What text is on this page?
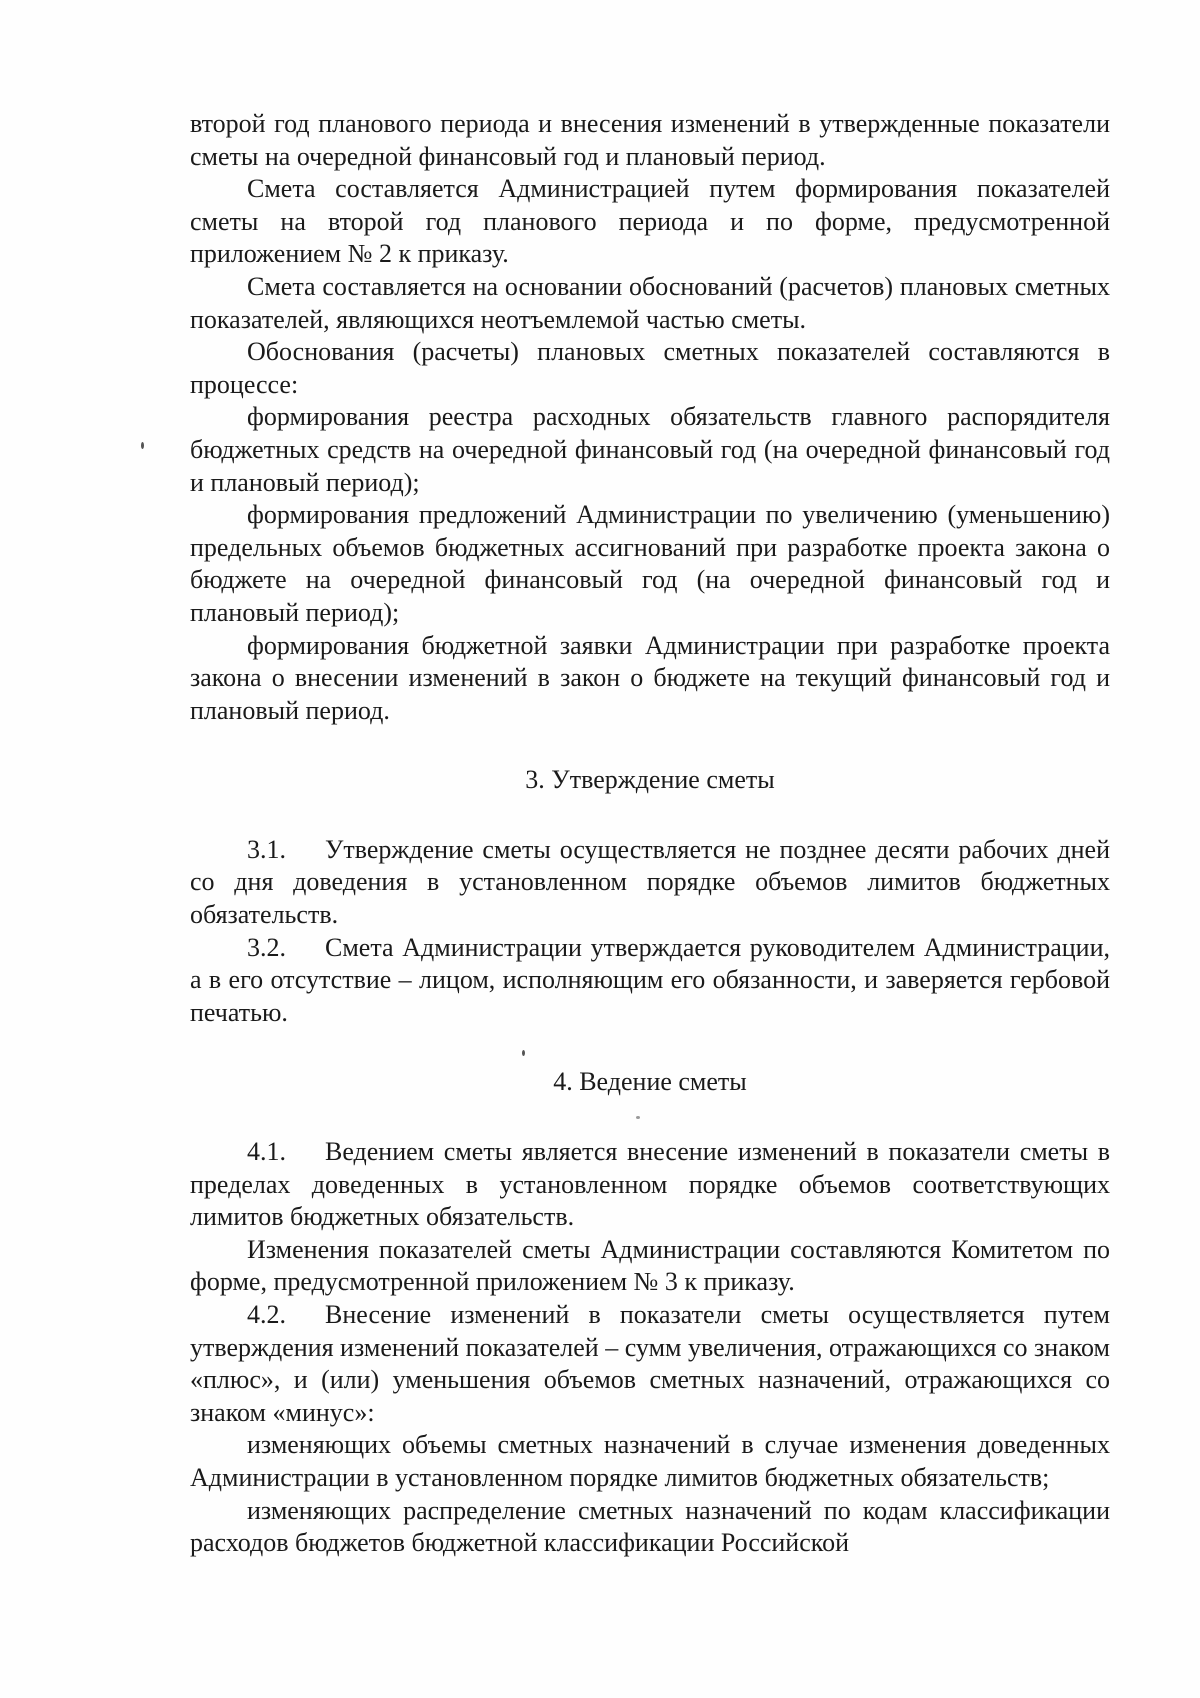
второй год планового периода и внесения изменений в утвержденные показатели сметы на очередной финансовый год и плановый период.

Смета составляется Администрацией путем формирования показателей сметы на второй год планового периода и по форме, предусмотренной приложением № 2 к приказу.

Смета составляется на основании обоснований (расчетов) плановых сметных показателей, являющихся неотъемлемой частью сметы.

Обоснования (расчеты) плановых сметных показателей составляются в процессе:

формирования реестра расходных обязательств главного распорядителя бюджетных средств на очередной финансовый год (на очередной финансовый год и плановый период);

формирования предложений Администрации по увеличению (уменьшению) предельных объемов бюджетных ассигнований при разработке проекта закона о бюджете на очередной финансовый год (на очередной финансовый год и плановый период);

формирования бюджетной заявки Администрации при разработке проекта закона о внесении изменений в закон о бюджете на текущий финансовый год и плановый период.

3. Утверждение сметы

3.1. Утверждение сметы осуществляется не позднее десяти рабочих дней со дня доведения в установленном порядке объемов лимитов бюджетных обязательств.

3.2. Смета Администрации утверждается руководителем Администрации, а в его отсутствие – лицом, исполняющим его обязанности, и заверяется гербовой печатью.

4. Ведение сметы

4.1. Ведением сметы является внесение изменений в показатели сметы в пределах доведенных в установленном порядке объемов соответствующих лимитов бюджетных обязательств.

Изменения показателей сметы Администрации составляются Комитетом по форме, предусмотренной приложением № 3 к приказу.

4.2. Внесение изменений в показатели сметы осуществляется путем утверждения изменений показателей – сумм увеличения, отражающихся со знаком «плюс», и (или) уменьшения объемов сметных назначений, отражающихся со знаком «минус»:

изменяющих объемы сметных назначений в случае изменения доведенных Администрации в установленном порядке лимитов бюджетных обязательств;

изменяющих распределение сметных назначений по кодам классификации расходов бюджетов бюджетной классификации Российской
